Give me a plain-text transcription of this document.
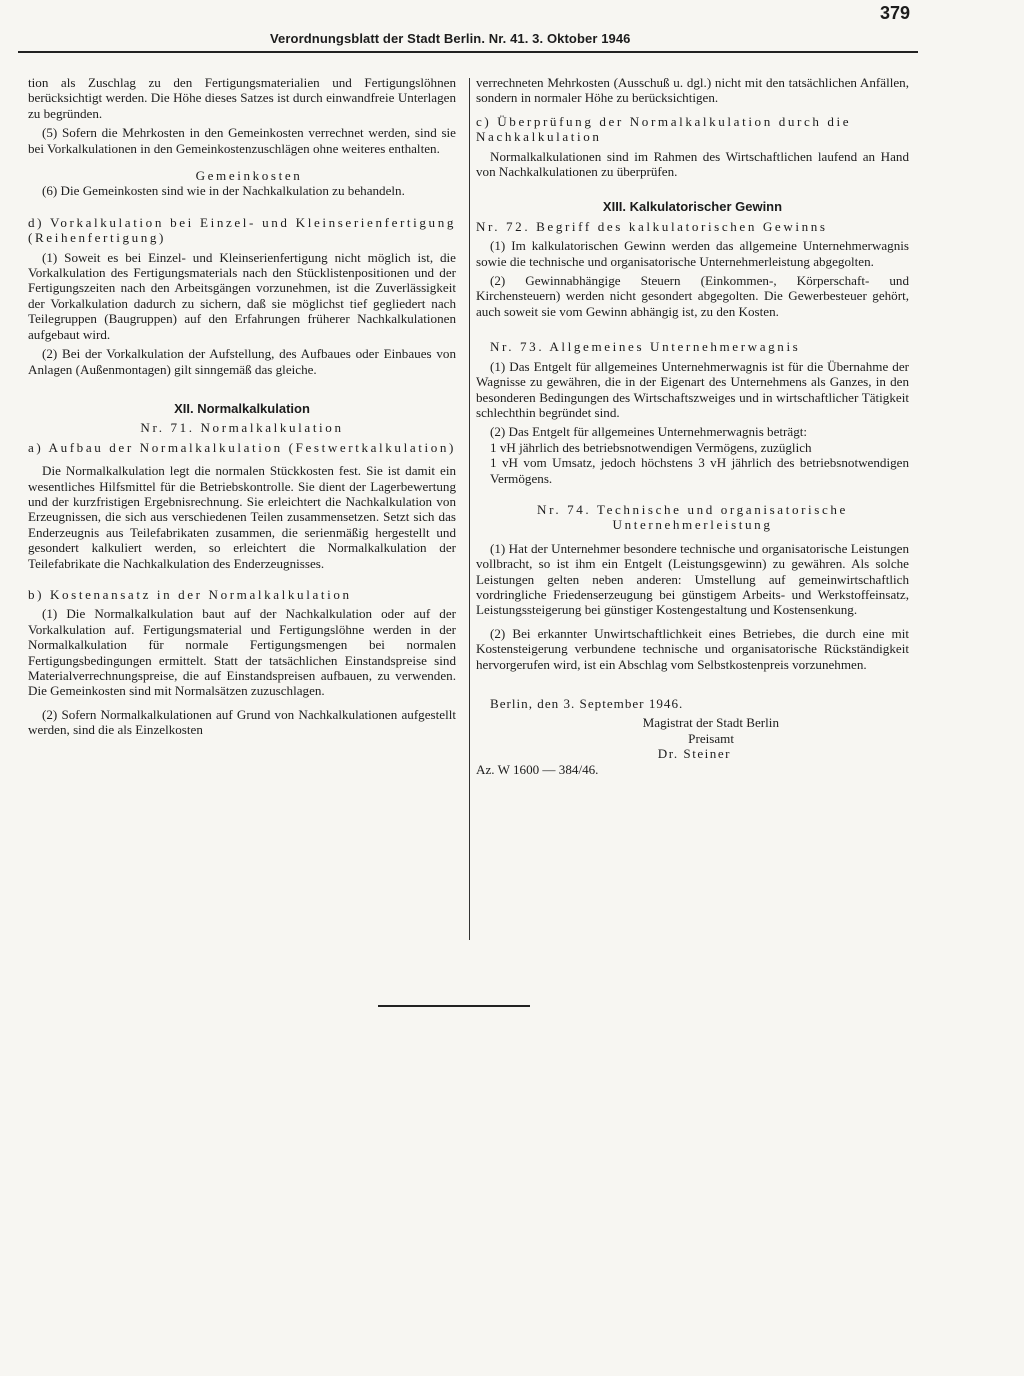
Verordnungsblatt der Stadt Berlin. Nr. 41. 3. Oktober 1946
379

tion als Zuschlag zu den Fertigungsmaterialien und Fertigungslöhnen berücksichtigt werden. Die Höhe dieses Satzes ist durch einwandfreie Unterlagen zu begründen.

(5) Sofern die Mehrkosten in den Gemeinkosten verrechnet werden, sind sie bei Vorkalkulationen in den Gemeinkostenzuschlägen ohne weiteres enthalten.

Gemeinkosten

(6) Die Gemeinkosten sind wie in der Nachkalkulation zu behandeln.

d) Vorkalkulation bei Einzel- und Kleinserienfertigung (Reihenfertigung)

(1) Soweit es bei Einzel- und Kleinserienfertigung nicht möglich ist, die Vorkalkulation des Fertigungsmaterials nach den Stücklistenpositionen und der Fertigungszeiten nach den Arbeitsgängen vorzunehmen, ist die Zuverlässigkeit der Vorkalkulation dadurch zu sichern, daß sie möglichst tief gegliedert nach Teilegruppen (Baugruppen) auf den Erfahrungen früherer Nachkalkulationen aufgebaut wird.

(2) Bei der Vorkalkulation der Aufstellung, des Aufbaues oder Einbaues von Anlagen (Außenmontagen) gilt sinngemäß das gleiche.

XII. Normalkalkulation

Nr. 71. Normalkalkulation

a) Aufbau der Normalkalkulation (Festwertkalkulation)

Die Normalkalkulation legt die normalen Stückkosten fest. Sie ist damit ein wesentliches Hilfsmittel für die Betriebskontrolle. Sie dient der Lagerbewertung und der kurzfristigen Ergebnisrechnung. Sie erleichtert die Nachkalkulation von Erzeugnissen, die sich aus verschiedenen Teilen zusammensetzen. Setzt sich das Enderzeugnis aus Teilefabrikaten zusammen, die serienmäßig hergestellt und gesondert kalkuliert werden, so erleichtert die Normalkalkulation der Teilefabrikate die Nachkalkulation des Enderzeugnisses.

b) Kostenansatz in der Normalkalkulation

(1) Die Normalkalkulation baut auf der Nachkalkulation oder auf der Vorkalkulation auf. Fertigungsmaterial und Fertigungslöhne werden in der Normalkalkulation für normale Fertigungsmengen bei normalen Fertigungsbedingungen ermittelt. Statt der tatsächlichen Einstandspreise sind Materialverrechnungspreise, die auf Einstandspreisen aufbauen, zu verwenden. Die Gemeinkosten sind mit Normalsätzen zuzuschlagen.

(2) Sofern Normalkalkulationen auf Grund von Nachkalkulationen aufgestellt werden, sind die als Einzelkosten

verrechneten Mehrkosten (Ausschuß u. dgl.) nicht mit den tatsächlichen Anfällen, sondern in normaler Höhe zu berücksichtigen.

c) Überprüfung der Normalkalkulation durch die Nachkalkulation

Normalkalkulationen sind im Rahmen des Wirtschaftlichen laufend an Hand von Nachkalkulationen zu überprüfen.

XIII. Kalkulatorischer Gewinn

Nr. 72. Begriff des kalkulatorischen Gewinns

(1) Im kalkulatorischen Gewinn werden das allgemeine Unternehmerwagnis sowie die technische und organisatorische Unternehmerleistung abgegolten.

(2) Gewinnabhängige Steuern (Einkommen-, Körperschaft- und Kirchensteuern) werden nicht gesondert abgegolten. Die Gewerbesteuer gehört, auch soweit sie vom Gewinn abhängig ist, zu den Kosten.

Nr. 73. Allgemeines Unternehmerwagnis

(1) Das Entgelt für allgemeines Unternehmerwagnis ist für die Übernahme der Wagnisse zu gewähren, die in der Eigenart des Unternehmens als Ganzes, in den besonderen Bedingungen des Wirtschaftszweiges und in wirtschaftlicher Tätigkeit schlechthin begründet sind.

(2) Das Entgelt für allgemeines Unternehmerwagnis beträgt:

1 vH jährlich des betriebsnotwendigen Vermögens, zuzüglich

1 vH vom Umsatz, jedoch höchstens 3 vH jährlich des betriebsnotwendigen Vermögens.

Nr. 74. Technische und organisatorische

Unternehmerleistung

(1) Hat der Unternehmer besondere technische und organisatorische Leistungen vollbracht, so ist ihm ein Entgelt (Leistungsgewinn) zu gewähren. Als solche Leistungen gelten neben anderen: Umstellung auf gemeinwirtschaftlich vordringliche Friedenserzeugung bei günstigem Arbeits- und Werkstoffeinsatz, Leistungssteigerung bei günstiger Kostengestaltung und Kostensenkung.

(2) Bei erkannter Unwirtschaftlichkeit eines Betriebes, die durch eine mit Kostensteigerung verbundene technische und organisatorische Rückständigkeit hervorgerufen wird, ist ein Abschlag vom Selbstkostenpreis vorzunehmen.

Berlin, den 3. September 1946.

Magistrat der Stadt Berlin

Preisamt

Dr. Steiner

Az. W 1600 — 384/46.
